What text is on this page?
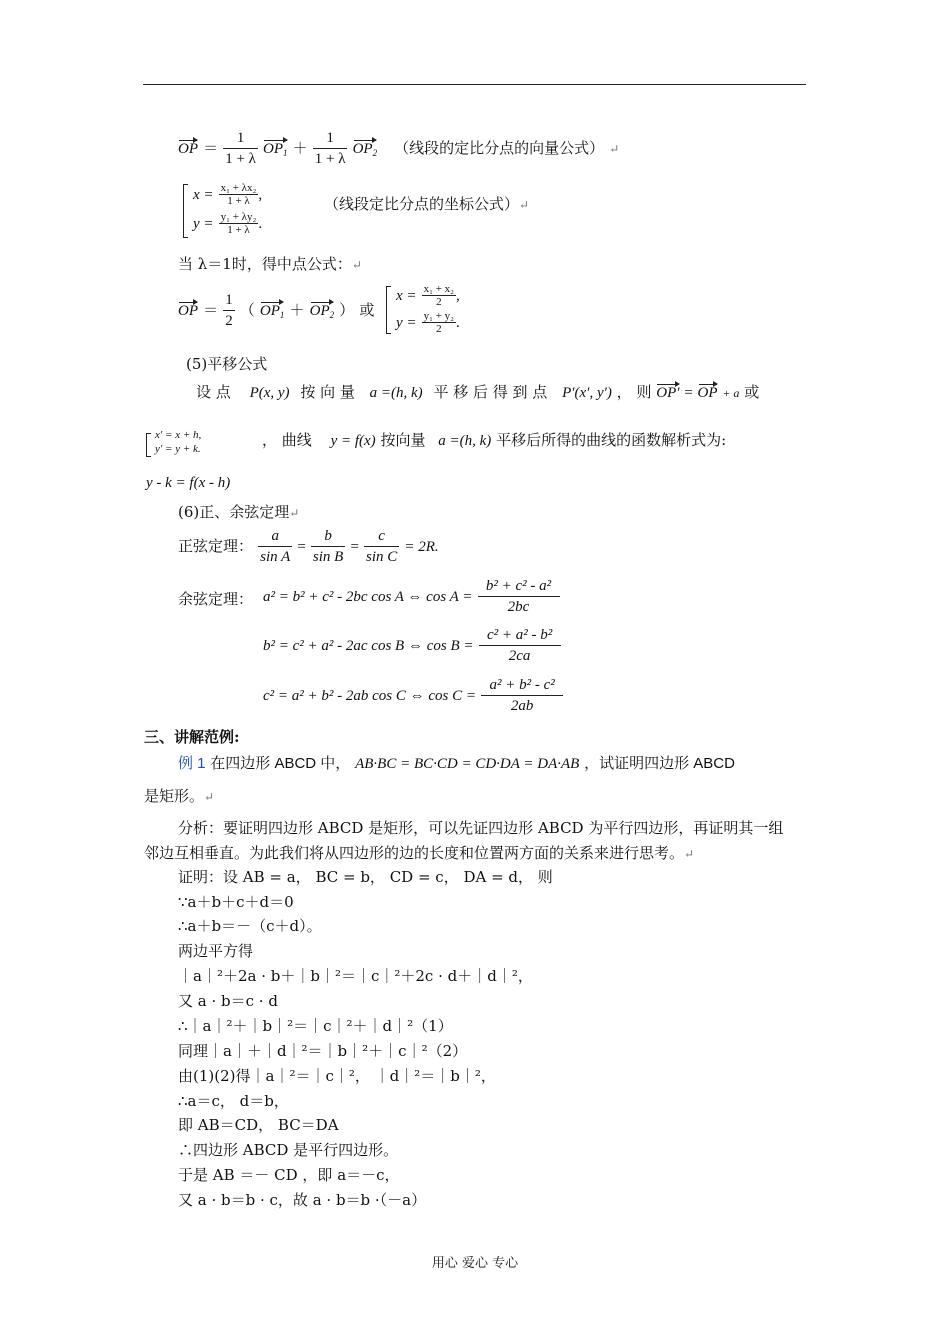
OP ＝ $\frac{1}{1 + \lambda} OP_1 + \frac{1}{1 + \lambda} OP_2$ （线段的定比分点的向量公式） ↵
$x = \frac{\text{x₁ + λx₂}}{1 + \lambda}$ ,
$y = \frac{\text{y₁ + λy₂}}{1 + \lambda}$ .
（线段定比分点的坐标公式）↵
当 λ＝1时，得中点公式：↵
OP ＝ $\frac{1}{2}$ （ $OP_1 + OP_2$ ） 或
$x = \frac{\text{x₁ + x₂}}{2}$ ,
$y = \frac{\text{y₁ + y₂}}{2}$ .
(5)平移公式
设 点 P(x, y) 按 向 量 a =(h, k) 平 移 后 得 到 点 P′(x′, y′) ， 则 OP′ = OP + a 或
x′ = x + h,
y′ = y + k.	， 曲线 y = f(x) 按向量 a =(h, k) 平移后所得的曲线的函数解析式为:
y - k = f(x - h)
(6)正、余弦定理↵
正弦定理： $\frac{a}{\text{sin A}} = \frac{b}{\text{sin B}} = \frac{c}{\text{sin C}} = 2R$.
余弦定理： a² = b² + c² - 2bc cos A ⇔ $\cos A = \frac{\text{b² + c² - a²}}{2bc}$
b² = c² + a² - 2ac cos B ⇔ $\cos B = \frac{\text{c² + a² - b²}}{2ca}$
c² = a² + b² - 2ab cos C ⇔ $\cos C = \frac{\text{a² + b² - c²}}{2ab}$
三、讲解范例:
例 1 在四边形 ABCD 中， AB·BC = BC·CD = CD·DA = DA·AB ，试证明四边形 ABCD
是矩形。↵
分析：要证明四边形 ABCD 是矩形，可以先证四边形 ABCD 为平行四边形，再证明其一组
邻边互相垂直。为此我们将从四边形的边的长度和位置两方面的关系来进行思考。↵
证明：设 AB = a， BC = b， CD = c， DA = d， 则
∵a＋b＋c＋d＝0
∴a＋b＝－（c＋d）。
两边平方得
｜a｜²＋2a · b＋｜b｜²＝｜c｜²＋2c · d＋｜d｜²，
又 a · b＝c · d
∴｜a｜²＋｜b｜²＝｜c｜²＋｜d｜²（1）
同理｜a｜＋｜d｜²＝｜b｜²＋｜c｜²（2）
由(1)(2)得｜a｜²＝｜c｜²， ｜d｜²＝｜b｜²，
∴a＝c， d＝b，
即 AB＝CD， BC＝DA
∴四边形 ABCD 是平行四边形。
于是 AB ＝－ CD ，即 a＝－c，
又 a · b＝b · c，故 a · b＝b ·（－a）
用心 爱心 专心
